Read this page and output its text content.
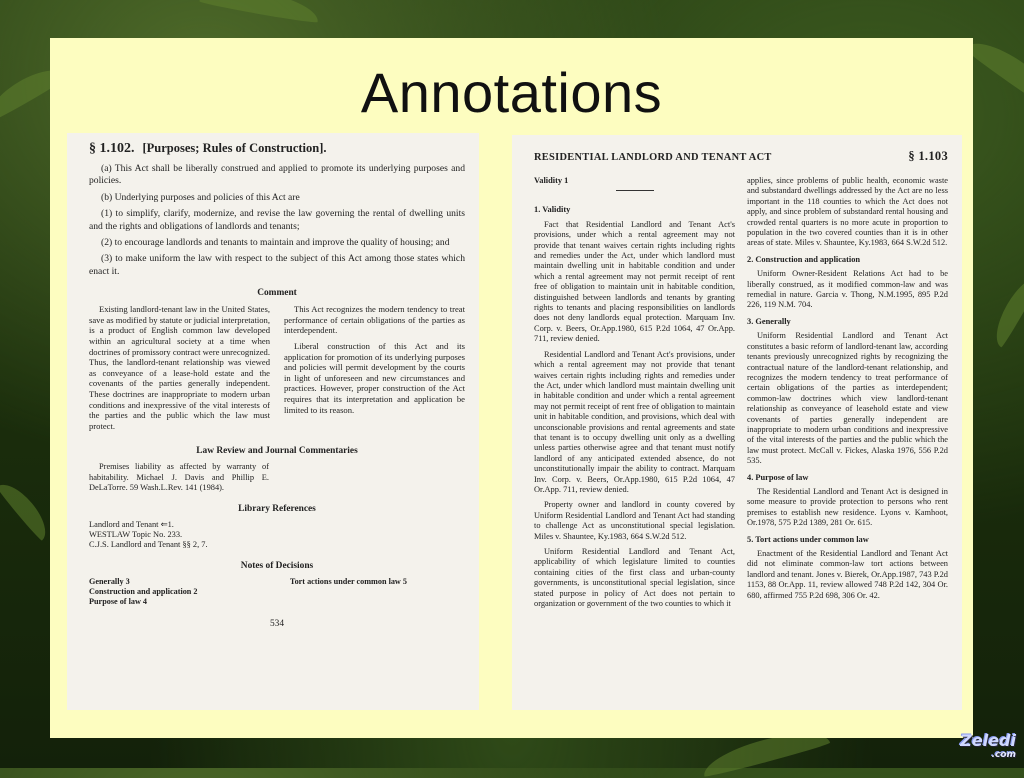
Annotations
§ 1.102. [Purposes; Rules of Construction].

(a) This Act shall be liberally construed and applied to promote its underlying purposes and policies.

(b) Underlying purposes and policies of this Act are

(1) to simplify, clarify, modernize, and revise the law governing the rental of dwelling units and the rights and obligations of landlords and tenants;

(2) to encourage landlords and tenants to maintain and improve the quality of housing; and

(3) to make uniform the law with respect to the subject of this Act among those states which enact it.

Comment

Existing landlord-tenant law in the United States, save as modified by statute or judicial interpretation, is a product of English common law developed within an agricultural society at a time when doctrines of promissory contract were unrecognized. Thus, the landlord-tenant relationship was viewed as conveyance of a lease-hold estate and the covenants of the parties generally independent. These doctrines are inappropriate to modern urban conditions and inexpressive of the vital interests of the parties and the public which the law must protect.

This Act recognizes the modern tendency to treat performance of certain obligations of the parties as interdependent.

Liberal construction of this Act and its application for promotion of its underlying purposes and policies will permit development by the courts in light of unforeseen and new circumstances and practices. However, proper construction of the Act requires that its interpretation and application be limited to its reason.

Law Review and Journal Commentaries
Premises liability as affected by warranty of habitability. Michael J. Davis and Phillip E. DeLaTorre. 59 Wash.L.Rev. 141 (1984).
Library References
Landlord and Tenant ⇐1.
WESTLAW Topic No. 233.
C.J.S. Landlord and Tenant §§ 2, 7.
Notes of Decisions
Generally 3
Construction and application 2
Purpose of law 4
Tort actions under common law 5
534
RESIDENTIAL LANDLORD AND TENANT ACT	§ 1.103
Validity 1
1. Validity

Fact that Residential Landlord and Tenant Act's provisions, under which a rental agreement may not provide that tenant waives certain rights including rights and remedies under the Act, under which landlord must maintain dwelling unit in habitable condition and under which a rental agreement may not permit receipt of rent free of obligation to maintain unit in habitable condition, distinguished between landlords and tenants by granting rights to tenants and placing responsibilities on landlords does not deny landlords equal protection. Marquam Inv. Corp. v. Beers, Or.App.1980, 615 P.2d 1064, 47 Or.App. 711, review denied.

Residential Landlord and Tenant Act's provisions, under which a rental agreement may not provide that tenant waives certain rights including rights and remedies under the Act, under which landlord must maintain dwelling unit in habitable condition and under which a rental agreement may not permit receipt of rent free of obligation to maintain unit in habitable condition, and provisions, which deal with unconscionable provisions and rental agreements and state that tenant is to occupy dwelling unit only as a dwelling unless parties otherwise agree and that tenant must notify landlord of any anticipated extended absence, do not unconstitutionally impair the ability to contract. Marquam Inv. Corp. v. Beers, Or.App.1980, 615 P.2d 1064, 47 Or.App. 711, review denied.

Property owner and landlord in county covered by Uniform Residential Landlord and Tenant Act had standing to challenge Act as unconstitutional special legislation. Miles v. Shauntee, Ky.1983, 664 S.W.2d 512.

Uniform Residential Landlord and Tenant Act, applicability of which legislature limited to counties containing cities of the first class and urban-county governments, is unconstitutional special legislation, since stated purpose in policy of Act does not pertain to organization or government of the two counties to which it

applies, since problems of public health, economic waste and substandard dwellings addressed by the Act are no less important in the 118 counties to which the Act does not apply, and since problem of substandard rental housing and crowded rental quarters is no more acute in proportion to population in the two covered counties than it is in other areas of state. Miles v. Shauntee, Ky.1983, 664 S.W.2d 512.

2. Construction and application

Uniform Owner-Resident Relations Act had to be liberally construed, as it modified common-law and was remedial in nature. Garcia v. Thong, N.M.1995, 895 P.2d 226, 119 N.M. 704.

3. Generally

Uniform Residential Landlord and Tenant Act constitutes a basic reform of landlord-tenant law, according tenants previously unrecognized rights by recognizing the contractual nature of the landlord-tenant relationship, and recognizes the modern tendency to treat performance of certain obligations of the parties as interdependent; common-law doctrines which view landlord-tenant relationship as conveyance of leasehold estate and view covenants of parties generally independent are inappropriate to modern urban conditions and inexpressive of the vital interests of the parties and the public which the law must protect. McCall v. Fickes, Alaska 1976, 556 P.2d 535.

4. Purpose of law

The Residential Landlord and Tenant Act is designed in some measure to provide protection to persons who rent premises to establish new residence. Lyons v. Kamhoot, Or.1978, 575 P.2d 1389, 281 Or. 615.

5. Tort actions under common law

Enactment of the Residential Landlord and Tenant Act did not eliminate common-law tort actions between landlord and tenant. Jones v. Bierek, Or.App.1987, 743 P.2d 1153, 88 Or.App. 11, review allowed 748 P.2d 142, 304 Or. 680, affirmed 755 P.2d 698, 306 Or. 42.

Zeledi
.com
